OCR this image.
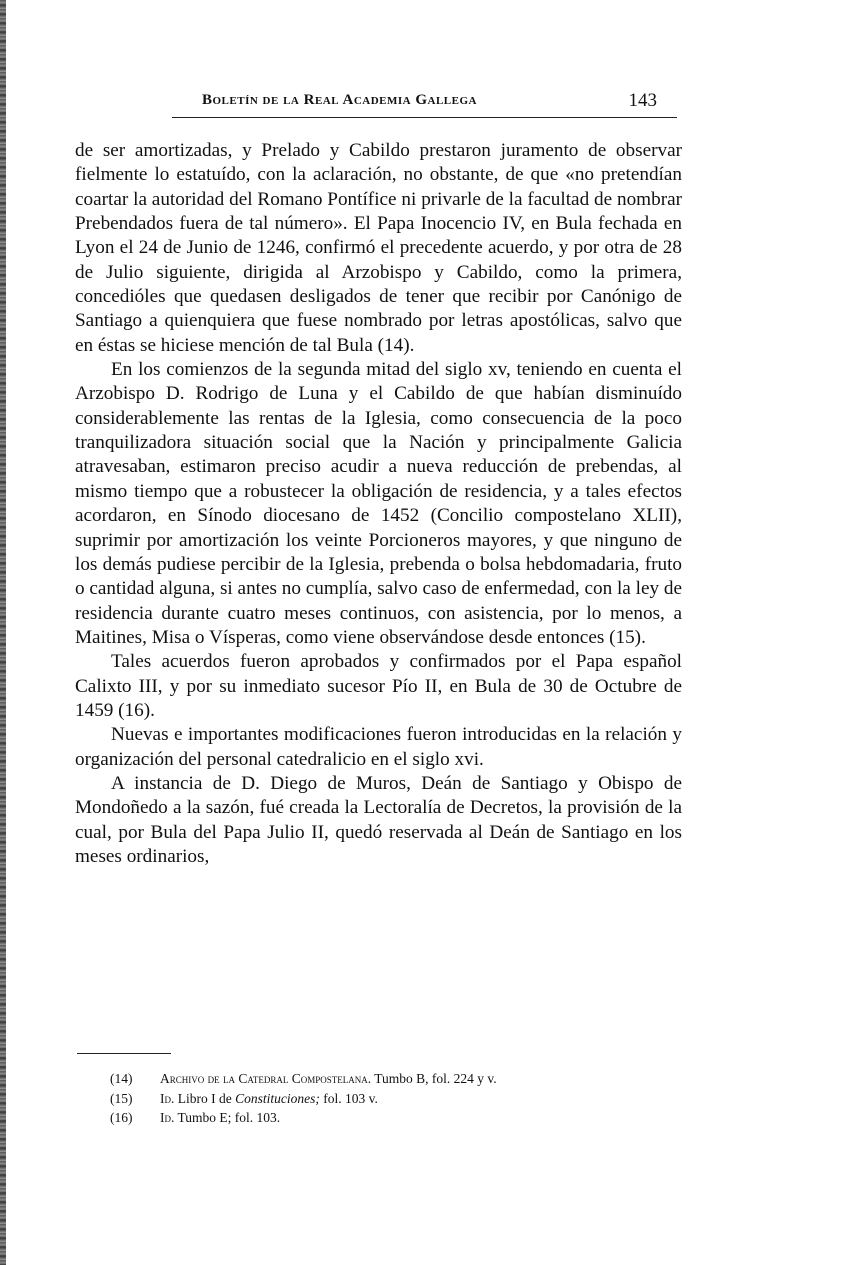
Boletín de la Real Academia Gallega	143

de ser amortizadas, y Prelado y Cabildo prestaron juramento de observar fielmente lo estatuído, con la aclaración, no obstante, de que «no pretendían coartar la autoridad del Romano Pontífice ni privarle de la facultad de nombrar Prebendados fuera de tal número». El Papa Inocencio IV, en Bula fechada en Lyon el 24 de Junio de 1246, confirmó el precedente acuerdo, y por otra de 28 de Julio siguiente, dirigida al Arzobispo y Cabildo, como la primera, concedióles que quedasen desligados de tener que recibir por Canónigo de Santiago a quienquiera que fuese nombrado por letras apostólicas, salvo que en éstas se hiciese mención de tal Bula (14).

En los comienzos de la segunda mitad del siglo xv, teniendo en cuenta el Arzobispo D. Rodrigo de Luna y el Cabildo de que habían disminuído considerablemente las rentas de la Iglesia, como consecuencia de la poco tranquilizadora situación social que la Nación y principalmente Galicia atravesaban, estimaron preciso acudir a nueva reducción de prebendas, al mismo tiempo que a robustecer la obligación de residencia, y a tales efectos acordaron, en Sínodo diocesano de 1452 (Concilio compostelano XLII), suprimir por amortización los veinte Porcioneros mayores, y que ninguno de los demás pudiese percibir de la Iglesia, prebenda o bolsa hebdomadaria, fruto o cantidad alguna, si antes no cumplía, salvo caso de enfermedad, con la ley de residencia durante cuatro meses continuos, con asistencia, por lo menos, a Maitines, Misa o Vísperas, como viene observándose desde entonces (15).

Tales acuerdos fueron aprobados y confirmados por el Papa español Calixto III, y por su inmediato sucesor Pío II, en Bula de 30 de Octubre de 1459 (16).

Nuevas e importantes modificaciones fueron introducidas en la relación y organización del personal catedralicio en el siglo xvi.

A instancia de D. Diego de Muros, Deán de Santiago y Obispo de Mondoñedo a la sazón, fué creada la Lectoralía de Decretos, la provisión de la cual, por Bula del Papa Julio II, quedó reservada al Deán de Santiago en los meses ordinarios,

(14) Archivo de la Catedral Compostelana. Tumbo B, fol. 224 y v.
(15) Id. Libro I de Constituciones; fol. 103 v.
(16) Id. Tumbo E; fol. 103.
